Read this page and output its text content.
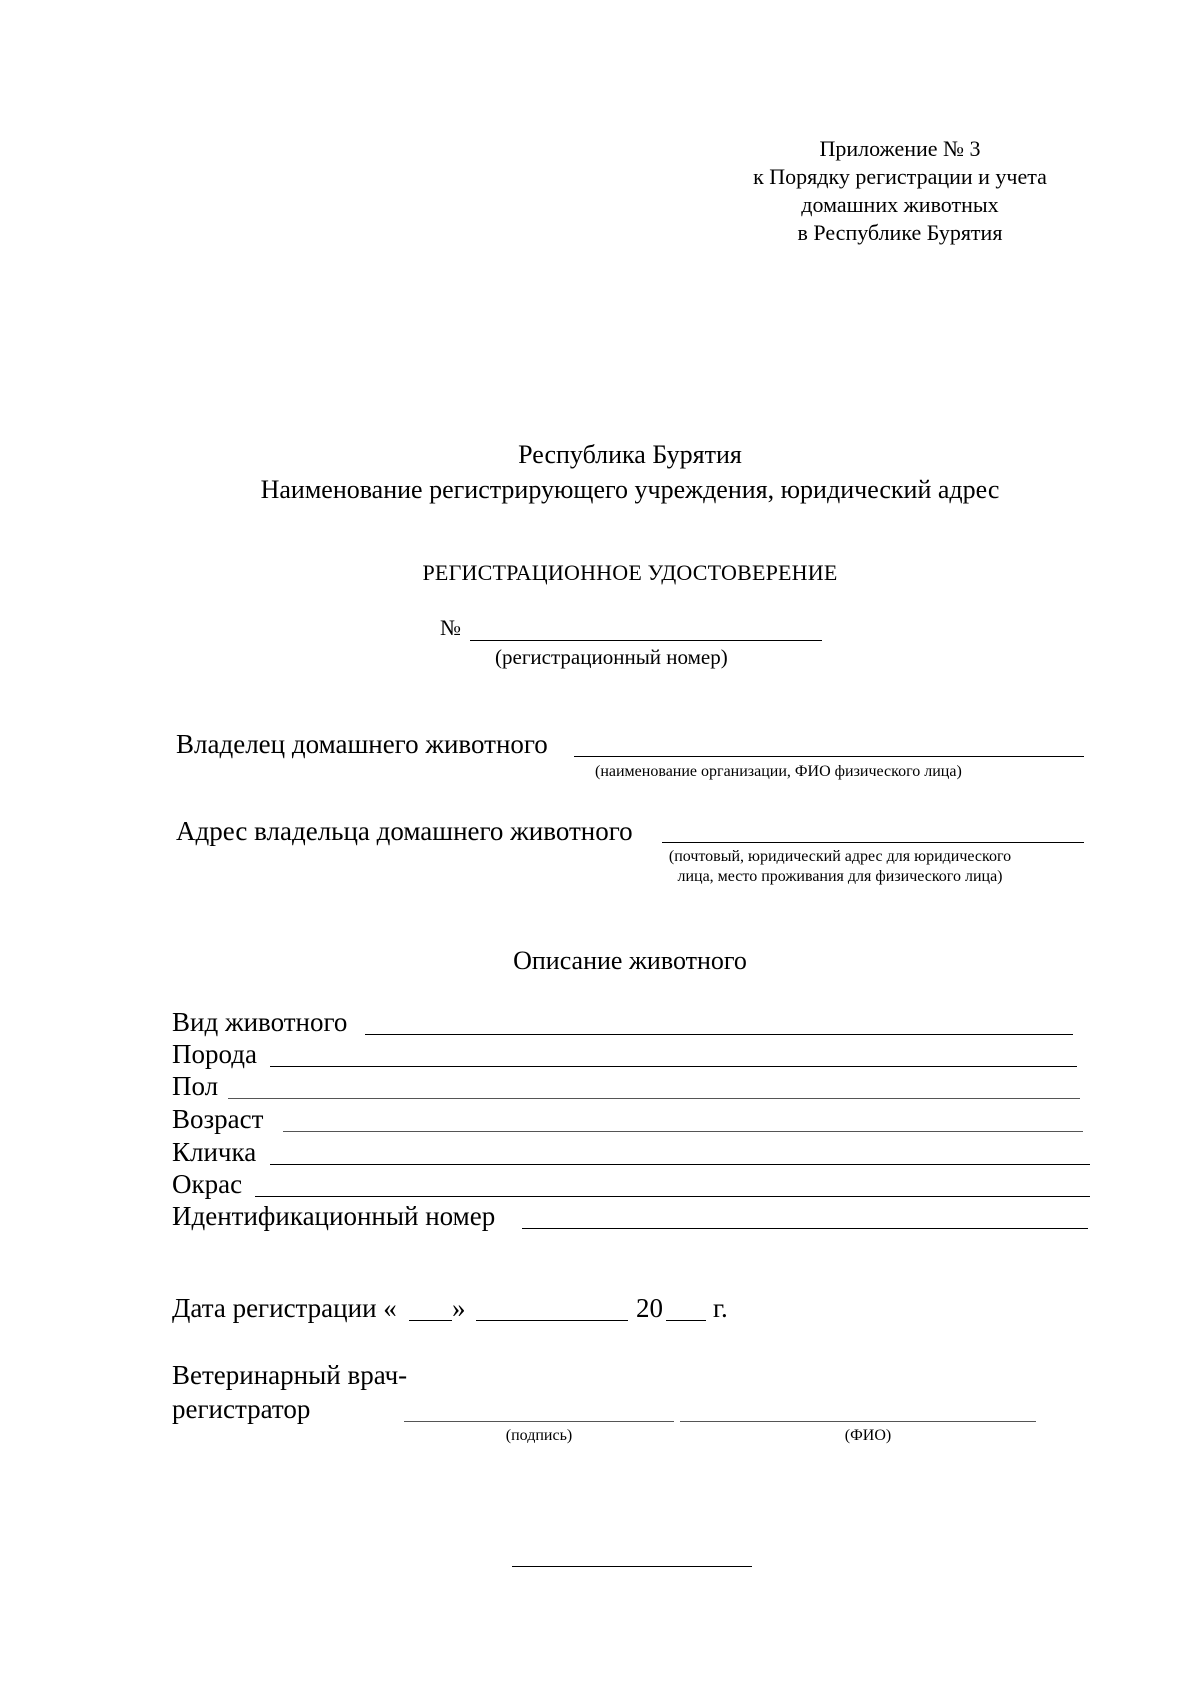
Приложение № 3
к Порядку регистрации и учета
домашних животных
в Республике Бурятия
Республика Бурятия
Наименование регистрирующего учреждения, юридический адрес
РЕГИСТРАЦИОННОЕ УДОСТОВЕРЕНИЕ
№
(регистрационный номер)
Владелец домашнего животного
(наименование организации, ФИО физического лица)
Адрес владельца домашнего животного
(почтовый, юридический адрес для юридического
лица, место проживания для физического лица)
Описание животного
Вид животного
Порода
Пол
Возраст
Кличка
Окрас
Идентификационный номер
Дата регистрации « »	20 г.
Ветеринарный врач-
регистратор
(подпись)	(ФИО)
